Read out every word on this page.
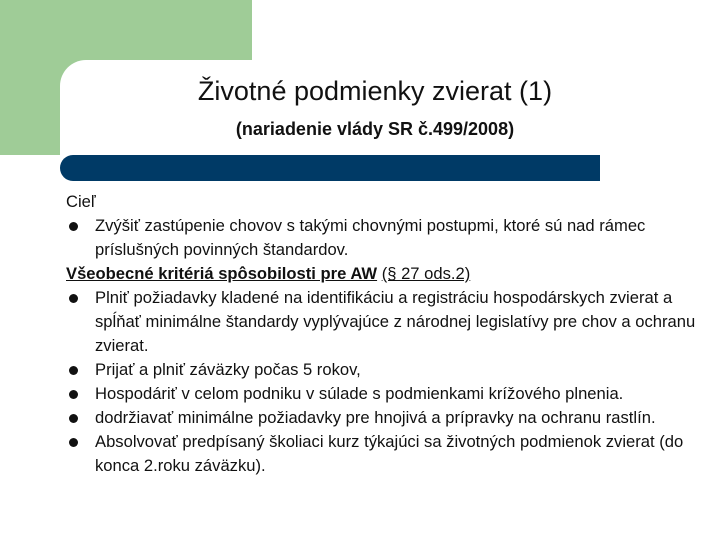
Životné podmienky zvierat (1)
(nariadenie vlády SR č.499/2008)

Cieľ

Zvýšiť zastúpenie chovov s takými chovnými postupmi, ktoré sú nad rámec príslušných povinných štandardov.

Všeobecné kritériá spôsobilosti pre AW (§ 27 ods.2)

Plniť požiadavky kladené na identifikáciu a registráciu hospodárskych zvierat a spĺňať minimálne štandardy vyplývajúce z národnej legislatívy pre chov a ochranu zvierat.
Prijať a plniť záväzky počas 5 rokov,
Hospodáriť v celom podniku v súlade s podmienkami krížového plnenia.
dodržiavať minimálne požiadavky pre hnojivá a prípravky na ochranu rastlín.
Absolvovať predpísaný školiaci kurz týkajúci sa životných podmienok zvierat (do konca 2.roku záväzku).
